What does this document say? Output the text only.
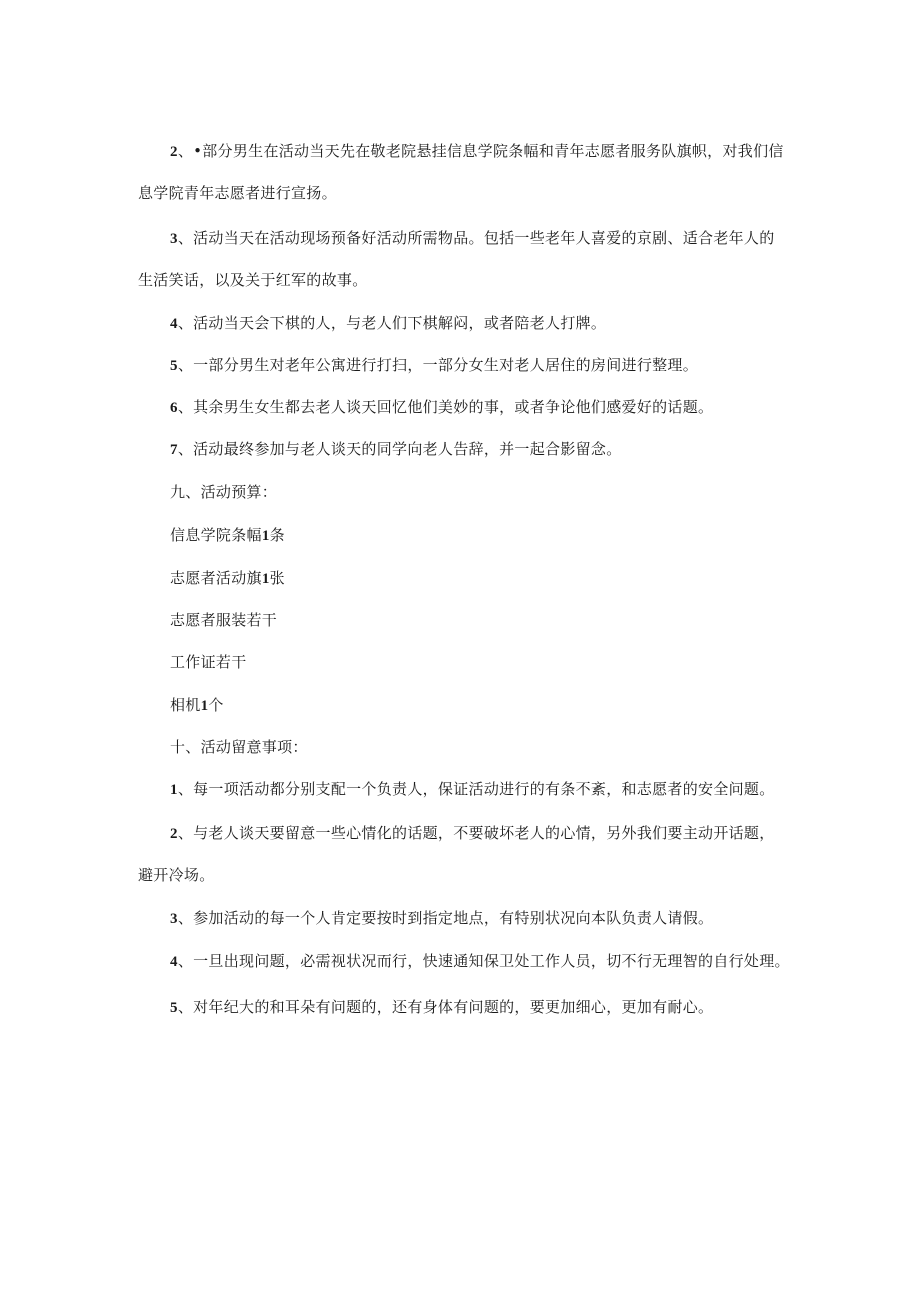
2、•部分男生在活动当天先在敬老院悬挂信息学院条幅和青年志愿者服务队旗帜，对我们信
息学院青年志愿者进行宣扬。
3、活动当天在活动现场预备好活动所需物品。包括一些老年人喜爱的京剧、适合老年人的
生活笑话，以及关于红军的故事。
4、活动当天会下棋的人，与老人们下棋解闷，或者陪老人打牌。
5、一部分男生对老年公寓进行打扫，一部分女生对老人居住的房间进行整理。
6、其余男生女生都去老人谈天回忆他们美妙的事，或者争论他们感爱好的话题。
7、活动最终参加与老人谈天的同学向老人告辞，并一起合影留念。
九、活动预算：
信息学院条幅1条
志愿者活动旗1张
志愿者服装若干
工作证若干
相机1个
十、活动留意事项：
1、每一项活动都分别支配一个负责人，保证活动进行的有条不紊，和志愿者的安全问题。
2、与老人谈天要留意一些心情化的话题，不要破坏老人的心情，另外我们要主动开话题，
避开冷场。
3、参加活动的每一个人肯定要按时到指定地点，有特别状况向本队负责人请假。
4、一旦出现问题，必需视状况而行，快速通知保卫处工作人员，切不行无理智的自行处理。
5、对年纪大的和耳朵有问题的，还有身体有问题的，要更加细心，更加有耐心。
